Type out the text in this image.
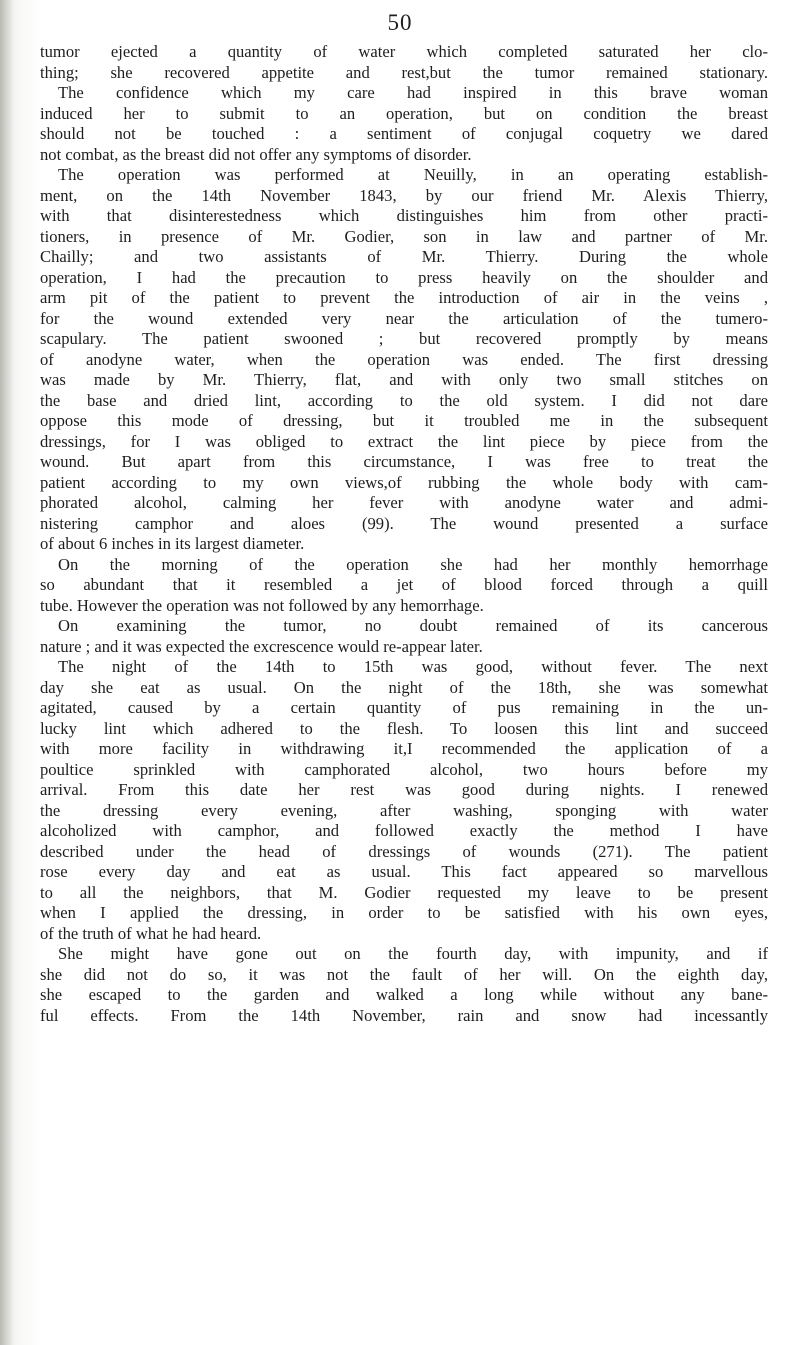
50
tumor ejected a quantity of water which completed saturated her clo-
thing; she recovered appetite and rest,but the tumor remained stationary.
The confidence which my care had inspired in this brave woman
induced her to submit to an operation, but on condition the breast
should not be touched : a sentiment of conjugal coquetry we dared
not combat, as the breast did not offer any symptoms of disorder.
The operation was performed at Neuilly, in an operating establish-
ment, on the 14th November 1843, by our friend Mr. Alexis Thierry,
with that disinterestedness which distinguishes him from other practi-
tioners, in presence of Mr. Godier, son in law and partner of Mr.
Chailly; and two assistants of Mr. Thierry. During the whole
operation, I had the precaution to press heavily on the shoulder and
arm pit of the patient to prevent the introduction of air in the veins ,
for the wound extended very near the articulation of the tumero-
scapulary. The patient swooned ; but recovered promptly by means
of anodyne water, when the operation was ended. The first dressing
was made by Mr. Thierry, flat, and with only two small stitches on
the base and dried lint, according to the old system. I did not dare
oppose this mode of dressing, but it troubled me in the subsequent
dressings, for I was obliged to extract the lint piece by piece from the
wound. But apart from this circumstance, I was free to treat the
patient according to my own views,of rubbing the whole body with cam-
phorated alcohol, calming her fever with anodyne water and admi-
nistering camphor and aloes (99). The wound presented a surface
of about 6 inches in its largest diameter.
On the morning of the operation she had her monthly hemorrhage
so abundant that it resembled a jet of blood forced through a quill
tube. However the operation was not followed by any hemorrhage.
On examining the tumor, no doubt remained of its cancerous
nature ; and it was expected the excrescence would re-appear later.
The night of the 14th to 15th was good, without fever. The next
day she eat as usual. On the night of the 18th, she was somewhat
agitated, caused by a certain quantity of pus remaining in the un-
lucky lint which adhered to the flesh. To loosen this lint and succeed
with more facility in withdrawing it,I recommended the application of a
poultice sprinkled with camphorated alcohol, two hours before my
arrival. From this date her rest was good during nights. I renewed
the dressing every evening, after washing, sponging with water
alcoholized with camphor, and followed exactly the method I have
described under the head of dressings of wounds (271). The patient
rose every day and eat as usual. This fact appeared so marvellous
to all the neighbors, that M. Godier requested my leave to be present
when I applied the dressing, in order to be satisfied with his own eyes,
of the truth of what he had heard.
She might have gone out on the fourth day, with impunity, and if
she did not do so, it was not the fault of her will. On the eighth day,
she escaped to the garden and walked a long while without any bane-
ful effects. From the 14th November, rain and snow had incessantly
